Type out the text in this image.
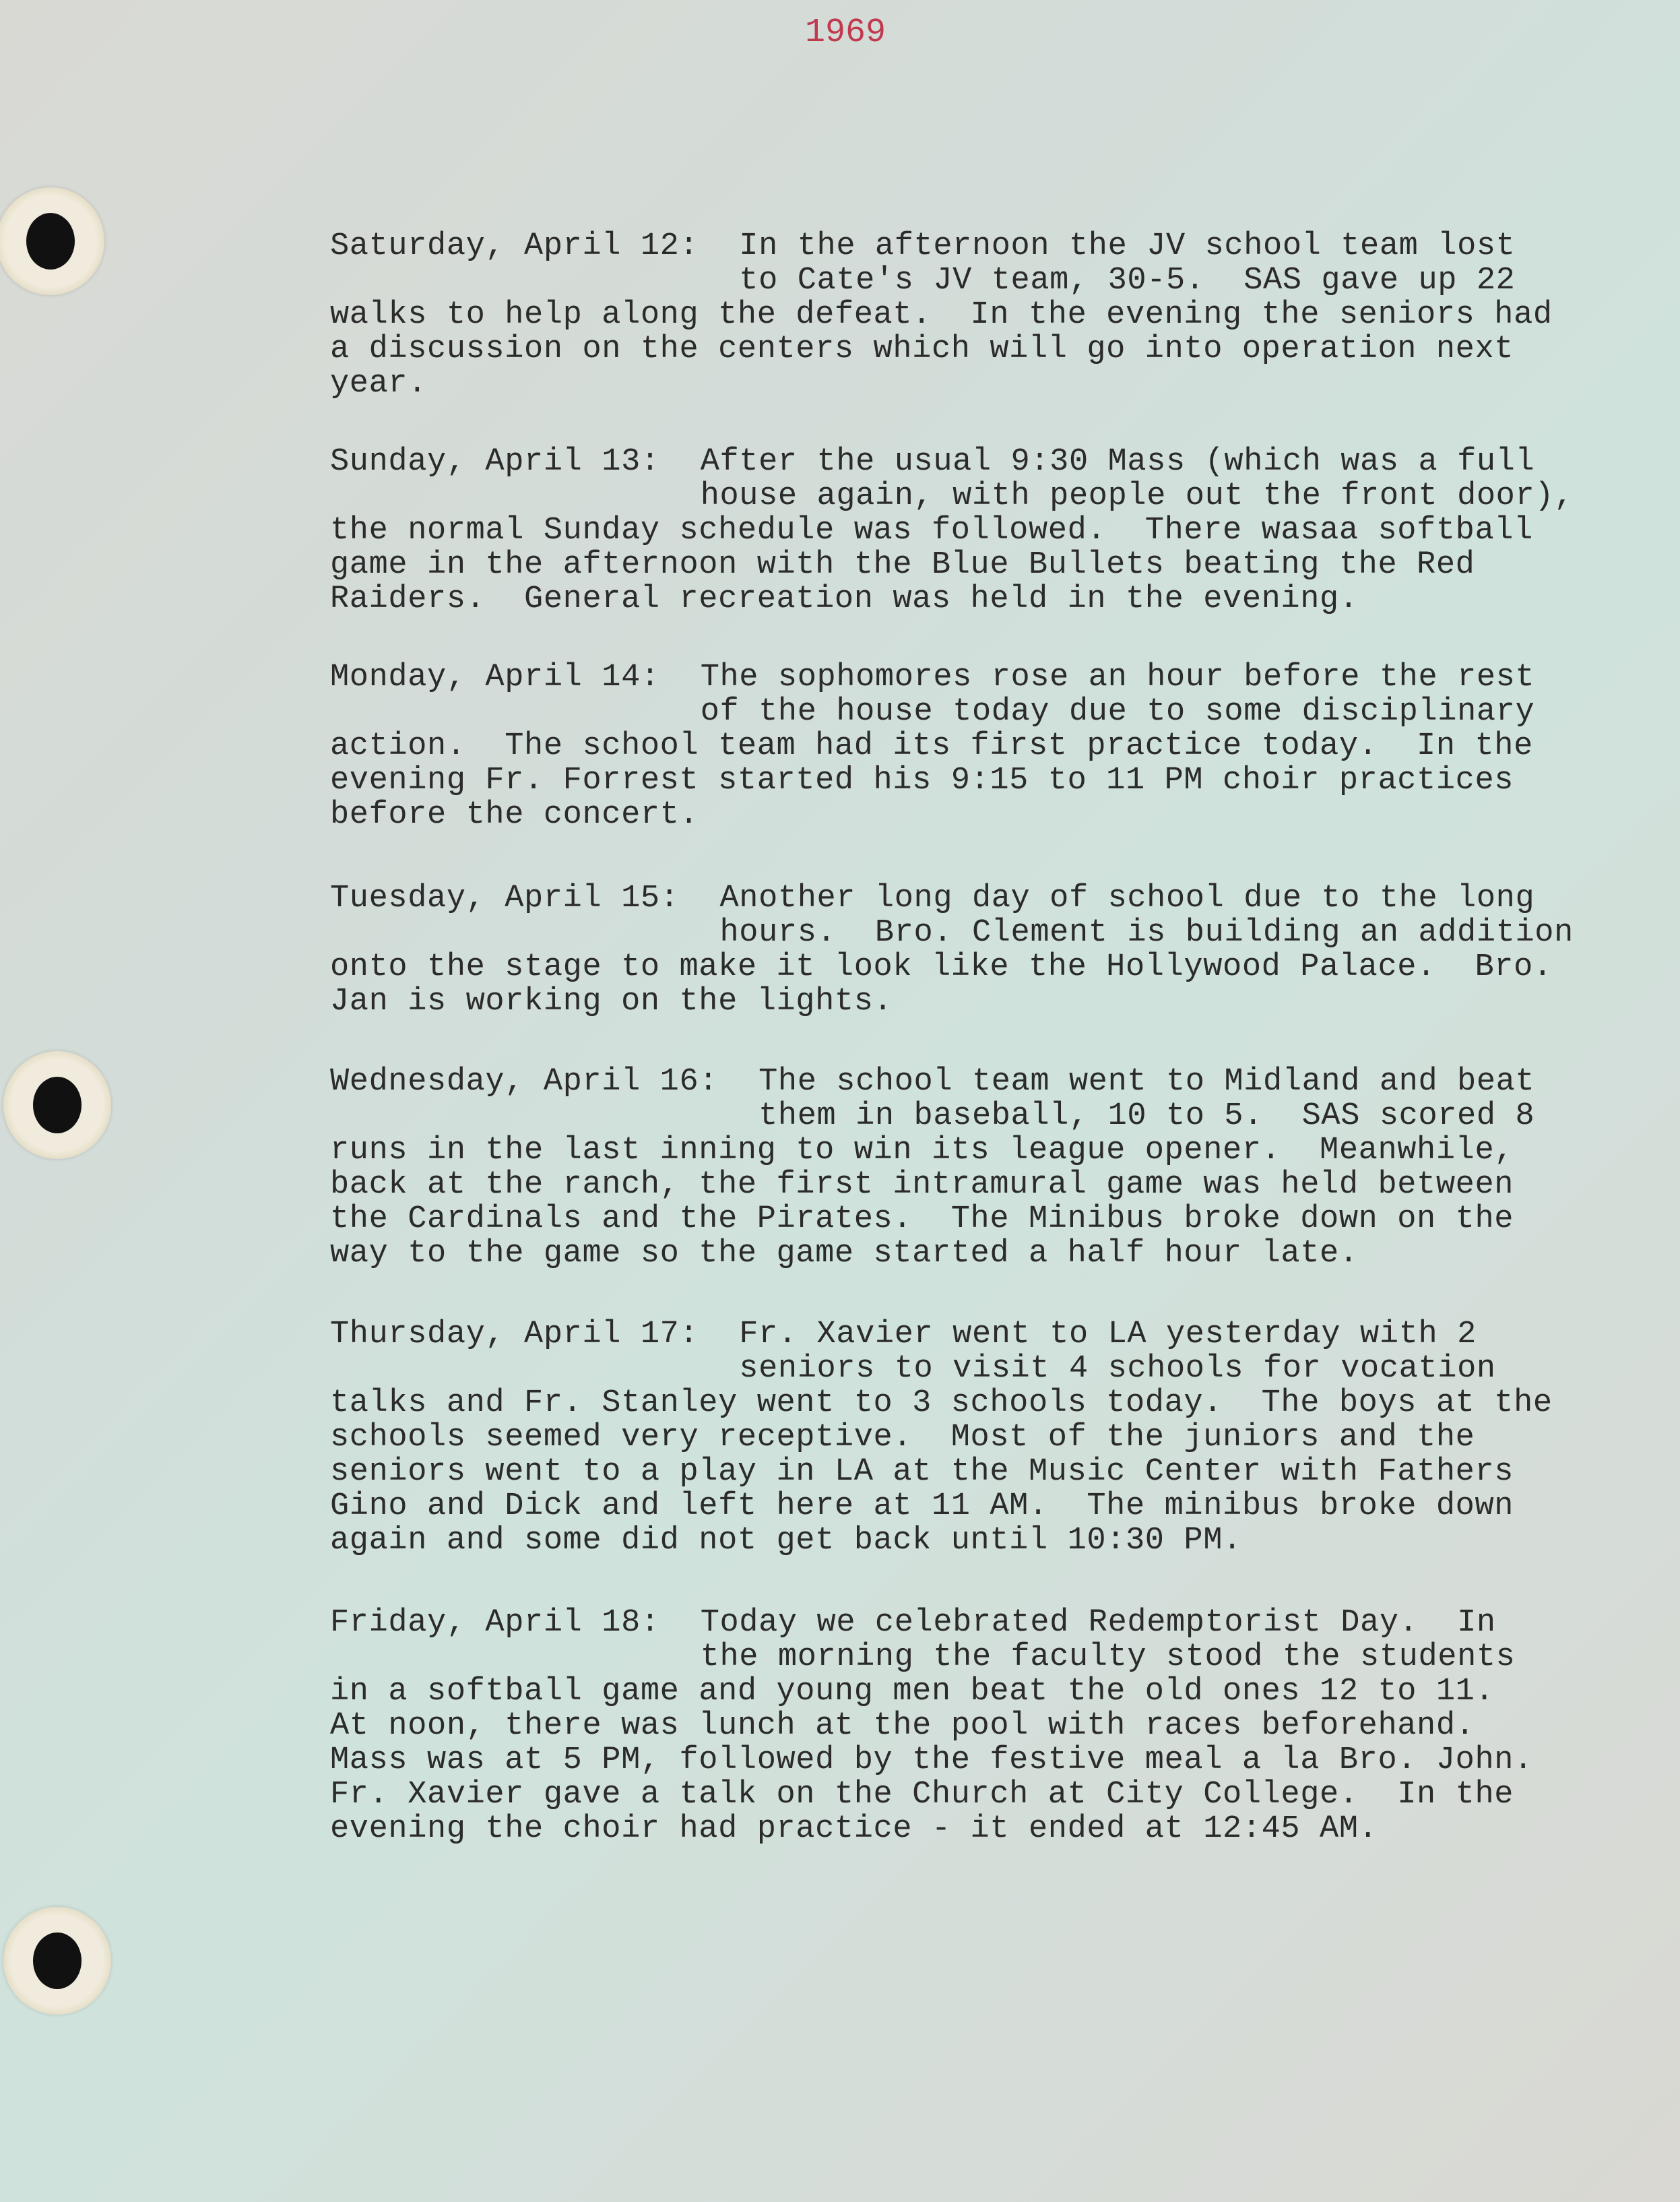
1969
Saturday, April 12: In the afternoon the JV school team lost
to Cate's JV team, 30-5.  SAS gave up 22
walks to help along the defeat.  In the evening the seniors had
a discussion on the centers which will go into operation next
year.
Sunday, April 13: After the usual 9:30 Mass (which was a full
house again, with people out the front door),
the normal Sunday schedule was followed.  There wasaa softball
game in the afternoon with the Blue Bullets beating the Red
Raiders.  General recreation was held in the evening.
Monday, April 14: The sophomores rose an hour before the rest
of the house today due to some disciplinary
action.  The school team had its first practice today.  In the
evening Fr. Forrest started his 9:15 to 11 PM choir practices
before the concert.
Tuesday, April 15: Another long day of school due to the long
hours.  Bro. Clement is building an addition
onto the stage to make it look like the Hollywood Palace.  Bro.
Jan is working on the lights.
Wednesday, April 16: The school team went to Midland and beat
them in baseball, 10 to 5.  SAS scored 8
runs in the last inning to win its league opener.  Meanwhile,
back at the ranch, the first intramural game was held between
the Cardinals and the Pirates.  The Minibus broke down on the
way to the game so the game started a half hour late.
Thursday, April 17: Fr. Xavier went to LA yesterday with 2
seniors to visit 4 schools for vocation
talks and Fr. Stanley went to 3 schools today.  The boys at the
schools seemed very receptive.  Most of the juniors and the
seniors went to a play in LA at the Music Center with Fathers
Gino and Dick and left here at 11 AM.  The minibus broke down
again and some did not get back until 10:30 PM.
Friday, April 18: Today we celebrated Redemptorist Day.  In
the morning the faculty stood the students
in a softball game and young men beat the old ones 12 to 11.
At noon, there was lunch at the pool with races beforehand.
Mass was at 5 PM, followed by the festive meal a la Bro. John.
Fr. Xavier gave a talk on the Church at City College.  In the
evening the choir had practice - it ended at 12:45 AM.
